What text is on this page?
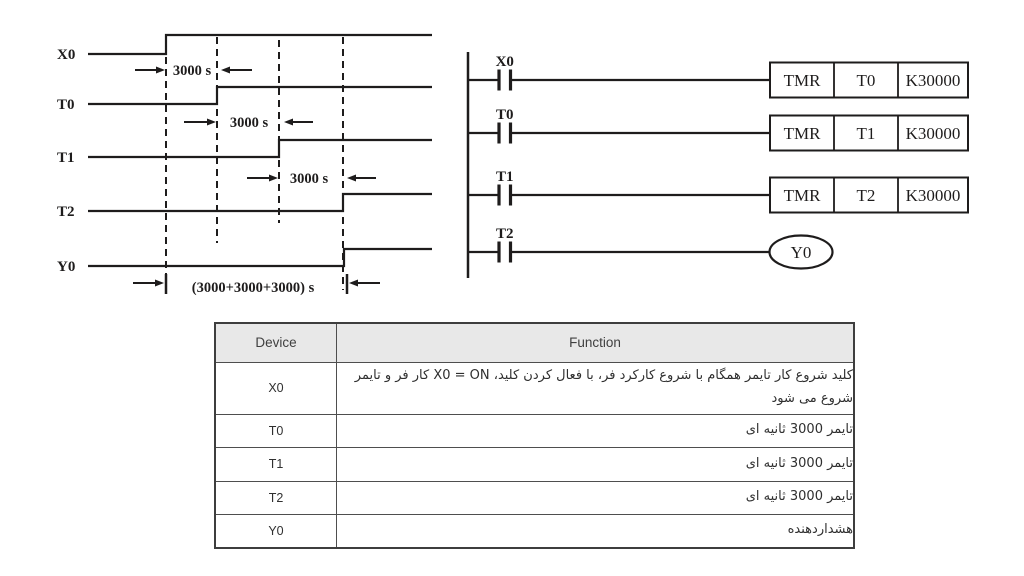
X0
T0
T1
T2
Y0
3000 s
3000 s
3000 s
(3000+3000+3000) s
X0
TMR T0 K30000
T0
TMR T1 K30000
T1
TMR T2 K30000
T2
Y0
Device	Function
X0	کلید شروع کار تایمر همگام با شروع کارکرد فر، با فعال کردن کلید، X0 = ON کار فر و تایمر شروع می شود
T0	تایمر 3000 ثانیه ای
T1	تایمر 3000 ثانیه ای
T2	تایمر 3000 ثانیه ای
Y0	هشداردهنده
